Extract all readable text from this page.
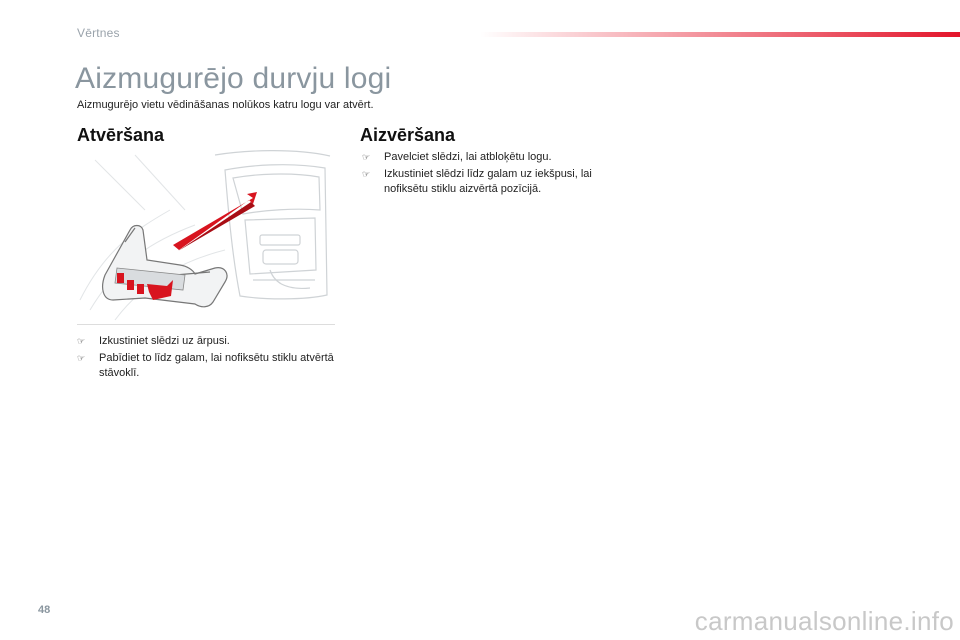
Vērtnes
Aizmugurējo durvju logi

Aizmugurējo vietu vēdināšanas nolūkos katru logu var atvērt.

Atvēršana	Aizvēršana
☞ Pavelciet slēdzi, lai atbloķētu logu.
☞ Izkustiniet slēdzi līdz galam uz iekšpusi, lai nofiksētu stiklu aizvērtā pozīcijā.
☞ Izkustiniet slēdzi uz ārpusi.
☞ Pabīdiet to līdz galam, lai nofiksētu stiklu atvērtā stāvoklī.
48	carmanualsonline.info
